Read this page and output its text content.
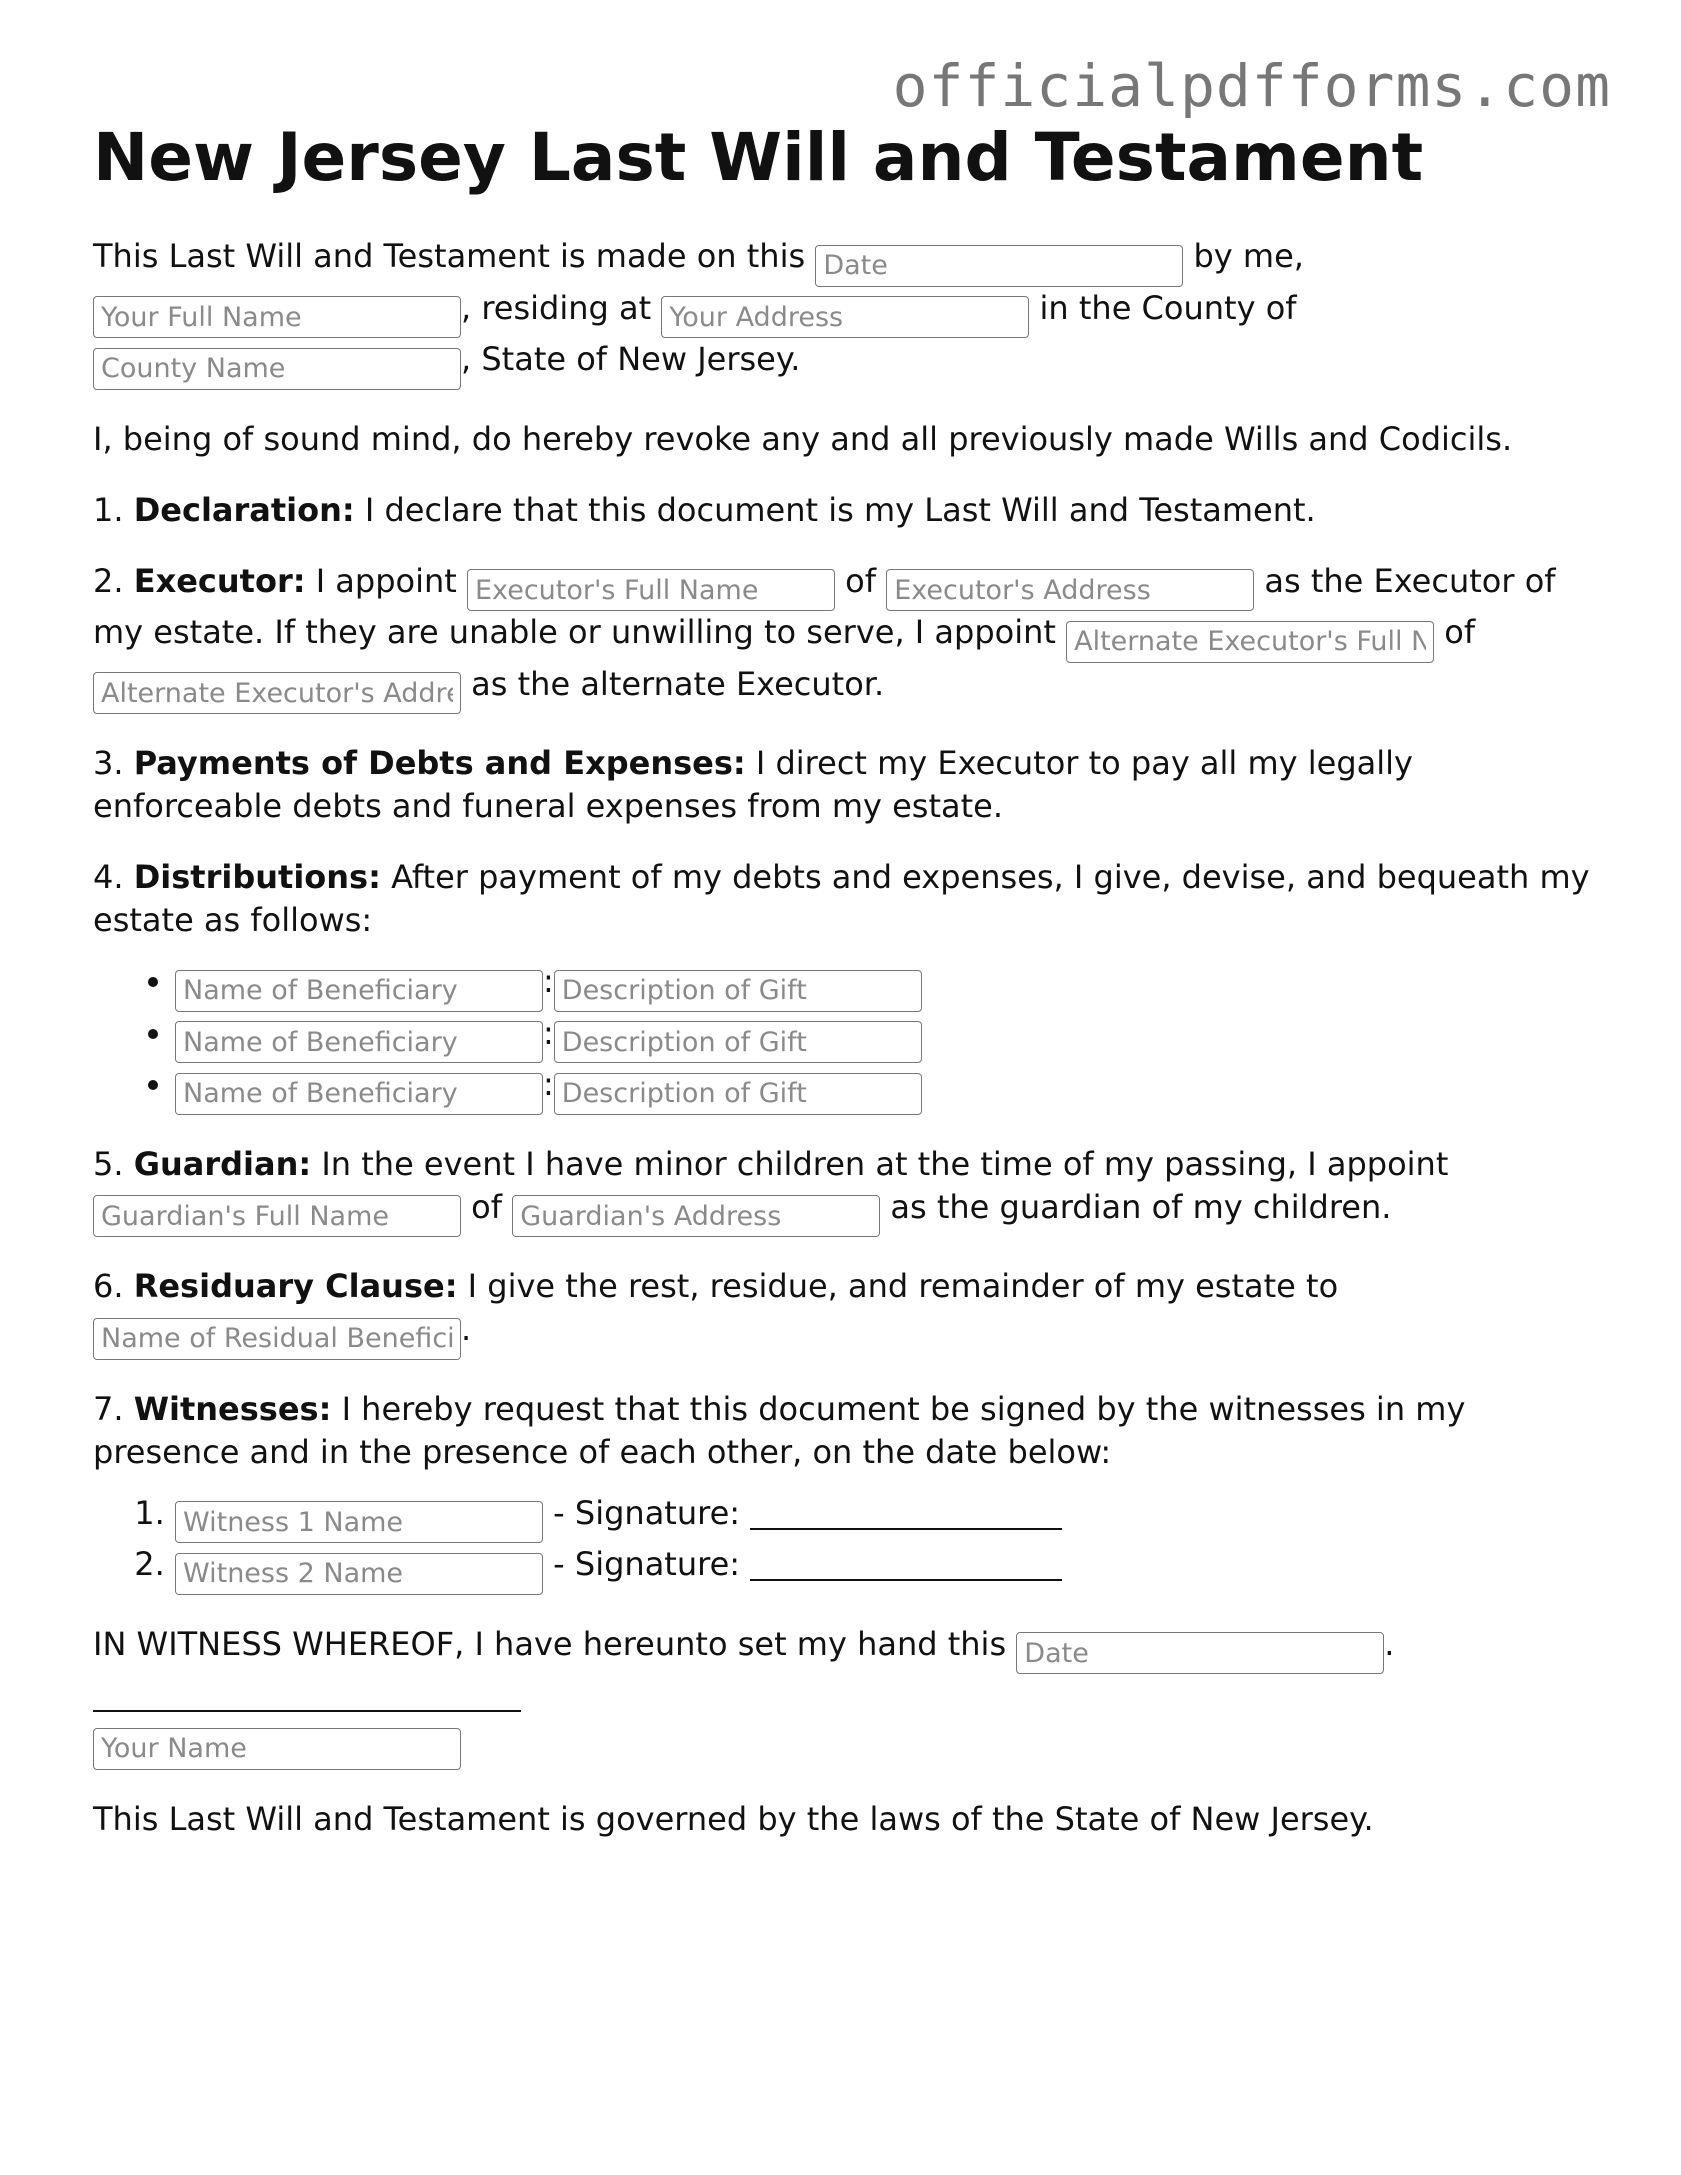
officialpdfforms.com
New Jersey Last Will and Testament

This Last Will and Testament is made on this Date	by me,
Your Full Name, residing at Your Address	in the County of
County Name, State of New Jersey.

I, being of sound mind, do hereby revoke any and all previously made Wills and Codicils.

1. Declaration: I declare that this document is my Last Will and Testament.

2. Executor: I appoint Executor's Full Name	of Executor's Address	as the Executor of my estate. If they are unable or unwilling to serve, I appoint Alternate Executor's Full Name	of Alternate Executor's Address as the alternate Executor.

3. Payments of Debts and Expenses: I direct my Executor to pay all my legally enforceable debts and funeral expenses from my estate.

4. Distributions: After payment of my debts and expenses, I give, devise, and bequeath my estate as follows:

Name of Beneficiary • :Description of Gift
Name of Beneficiary • :Description of Gift
Name of Beneficiary • :Description of Gift

5. Guardian: In the event I have minor children at the time of my passing, I appoint
Guardian's Full Name of Guardian's Address	as the guardian of my children.

6. Residuary Clause: I give the rest, residue, and remainder of my estate to
Name of Residual Beneficiary.

7. Witnesses: I hereby request that this document be signed by the witnesses in my presence and in the presence of each other, on the date below:

Witness 1 Name 1. - Signature:
Witness 2 Name 2. - Signature:

IN WITNESS WHEREOF, I have hereunto set my hand this Date	.

Your Name

This Last Will and Testament is governed by the laws of the State of New Jersey.
